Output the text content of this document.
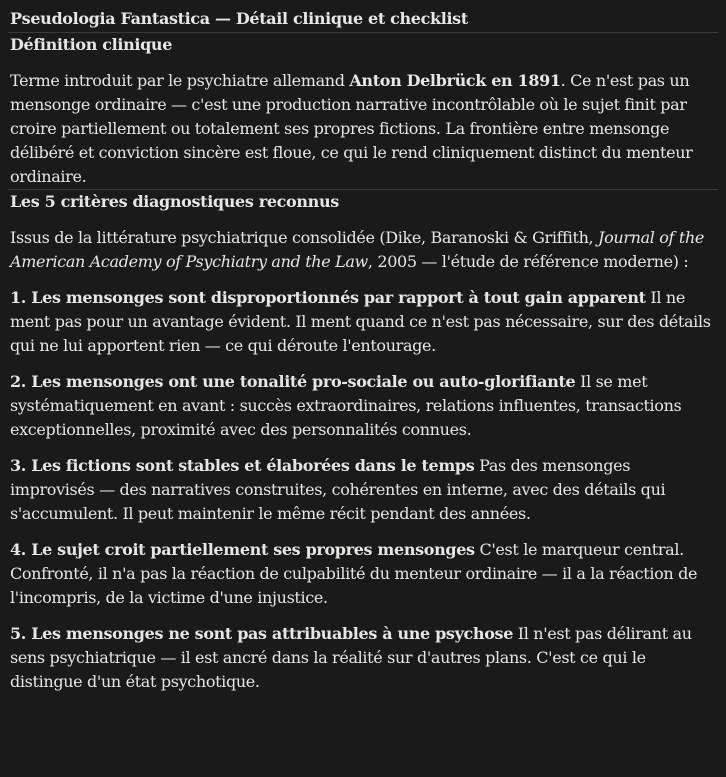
Pseudologia Fantastica — Détail clinique et checklist
Définition clinique

Terme introduit par le psychiatre allemand Anton Delbrück en 1891. Ce n'est pas un mensonge ordinaire — c'est une production narrative incontrôlable où le sujet finit par croire partiellement ou totalement ses propres fictions. La frontière entre mensonge délibéré et conviction sincère est floue, ce qui le rend cliniquement distinct du menteur ordinaire.

Les 5 critères diagnostiques reconnus

Issus de la littérature psychiatrique consolidée (Dike, Baranoski & Griffith, Journal of the American Academy of Psychiatry and the Law, 2005 — l'étude de référence moderne) :

1. Les mensonges sont disproportionnés par rapport à tout gain apparent Il ne ment pas pour un avantage évident. Il ment quand ce n'est pas nécessaire, sur des détails qui ne lui apportent rien — ce qui déroute l'entourage.

2. Les mensonges ont une tonalité pro-sociale ou auto-glorifiante Il se met systématiquement en avant : succès extraordinaires, relations influentes, transactions exceptionnelles, proximité avec des personnalités connues.

3. Les fictions sont stables et élaborées dans le temps Pas des mensonges improvisés — des narratives construites, cohérentes en interne, avec des détails qui s'accumulent. Il peut maintenir le même récit pendant des années.

4. Le sujet croit partiellement ses propres mensonges C'est le marqueur central. Confronté, il n'a pas la réaction de culpabilité du menteur ordinaire — il a la réaction de l'incompris, de la victime d'une injustice.

5. Les mensonges ne sont pas attribuables à une psychose Il n'est pas délirant au sens psychiatrique — il est ancré dans la réalité sur d'autres plans. C'est ce qui le distingue d'un état psychotique.
